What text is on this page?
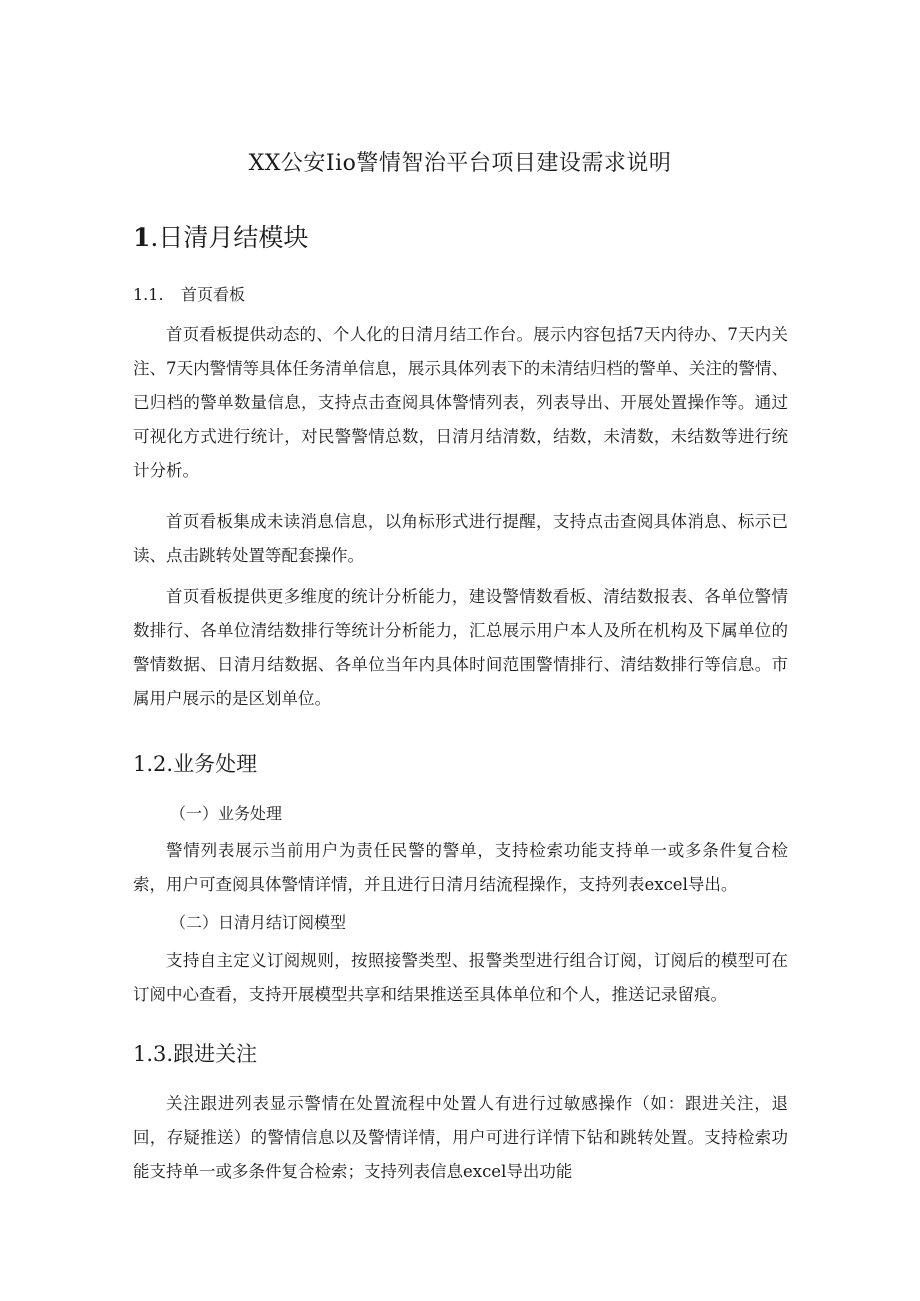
XX公安Iio警情智治平台项目建设需求说明
1.日清月结模块
1.1. 首页看板

首页看板提供动态的、个人化的日清月结工作台。展示内容包括7天内待办、7天内关注、7天内警情等具体任务清单信息，展示具体列表下的未清结归档的警单、关注的警情、已归档的警单数量信息，支持点击查阅具体警情列表，列表导出、开展处置操作等。通过可视化方式进行统计，对民警警情总数，日清月结清数，结数，未清数，未结数等进行统计分析。

首页看板集成未读消息信息，以角标形式进行提醒，支持点击查阅具体消息、标示已读、点击跳转处置等配套操作。

首页看板提供更多维度的统计分析能力，建设警情数看板、清结数报表、各单位警情数排行、各单位清结数排行等统计分析能力，汇总展示用户本人及所在机构及下属单位的警情数据、日清月结数据、各单位当年内具体时间范围警情排行、清结数排行等信息。市属用户展示的是区划单位。

1.2.业务处理

（一）业务处理

警情列表展示当前用户为责任民警的警单，支持检索功能支持单一或多条件复合检索，用户可查阅具体警情详情，并且进行日清月结流程操作，支持列表excel导出。

（二）日清月结订阅模型

支持自主定义订阅规则，按照接警类型、报警类型进行组合订阅，订阅后的模型可在订阅中心查看，支持开展模型共享和结果推送至具体单位和个人，推送记录留痕。

1.3.跟进关注

关注跟进列表显示警情在处置流程中处置人有进行过敏感操作（如：跟进关注，退回，存疑推送）的警情信息以及警情详情，用户可进行详情下钻和跳转处置。支持检索功能支持单一或多条件复合检索；支持列表信息excel导出功能
